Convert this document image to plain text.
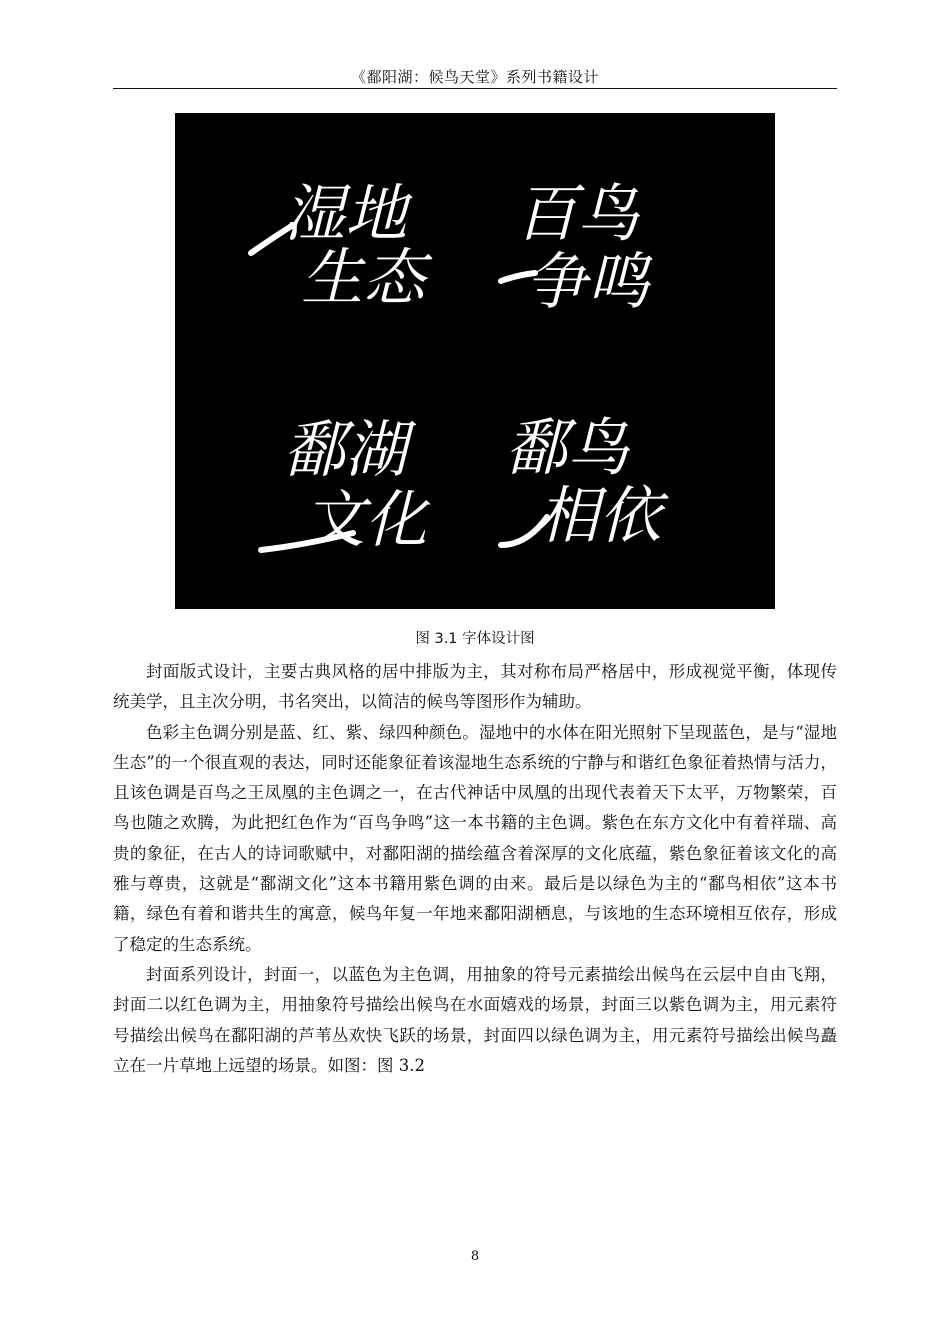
《鄱阳湖：候鸟天堂》系列书籍设计
湿地
生态
百鸟
争鸣
鄱湖
文化
鄱鸟
相依
图 3.1 字体设计图

封面版式设计，主要古典风格的居中排版为主，其对称布局严格居中，形成视觉平衡，体现传统美学，且主次分明，书名突出，以简洁的候鸟等图形作为辅助。

色彩主色调分别是蓝、红、紫、绿四种颜色。湿地中的水体在阳光照射下呈现蓝色，是与“湿地生态”的一个很直观的表达，同时还能象征着该湿地生态系统的宁静与和谐红色象征着热情与活力，且该色调是百鸟之王凤凰的主色调之一，在古代神话中凤凰的出现代表着天下太平，万物繁荣，百鸟也随之欢腾，为此把红色作为“百鸟争鸣”这一本书籍的主色调。紫色在东方文化中有着祥瑞、高贵的象征，在古人的诗词歌赋中，对鄱阳湖的描绘蕴含着深厚的文化底蕴，紫色象征着该文化的高雅与尊贵，这就是“鄱湖文化”这本书籍用紫色调的由来。最后是以绿色为主的“鄱鸟相依”这本书籍，绿色有着和谐共生的寓意，候鸟年复一年地来鄱阳湖栖息，与该地的生态环境相互依存，形成了稳定的生态系统。

封面系列设计，封面一，以蓝色为主色调，用抽象的符号元素描绘出候鸟在云层中自由飞翔，封面二以红色调为主，用抽象符号描绘出候鸟在水面嬉戏的场景，封面三以紫色调为主，用元素符号描绘出候鸟在鄱阳湖的芦苇丛欢快飞跃的场景，封面四以绿色调为主，用元素符号描绘出候鸟矗立在一片草地上远望的场景。如图：图 3.2

8
